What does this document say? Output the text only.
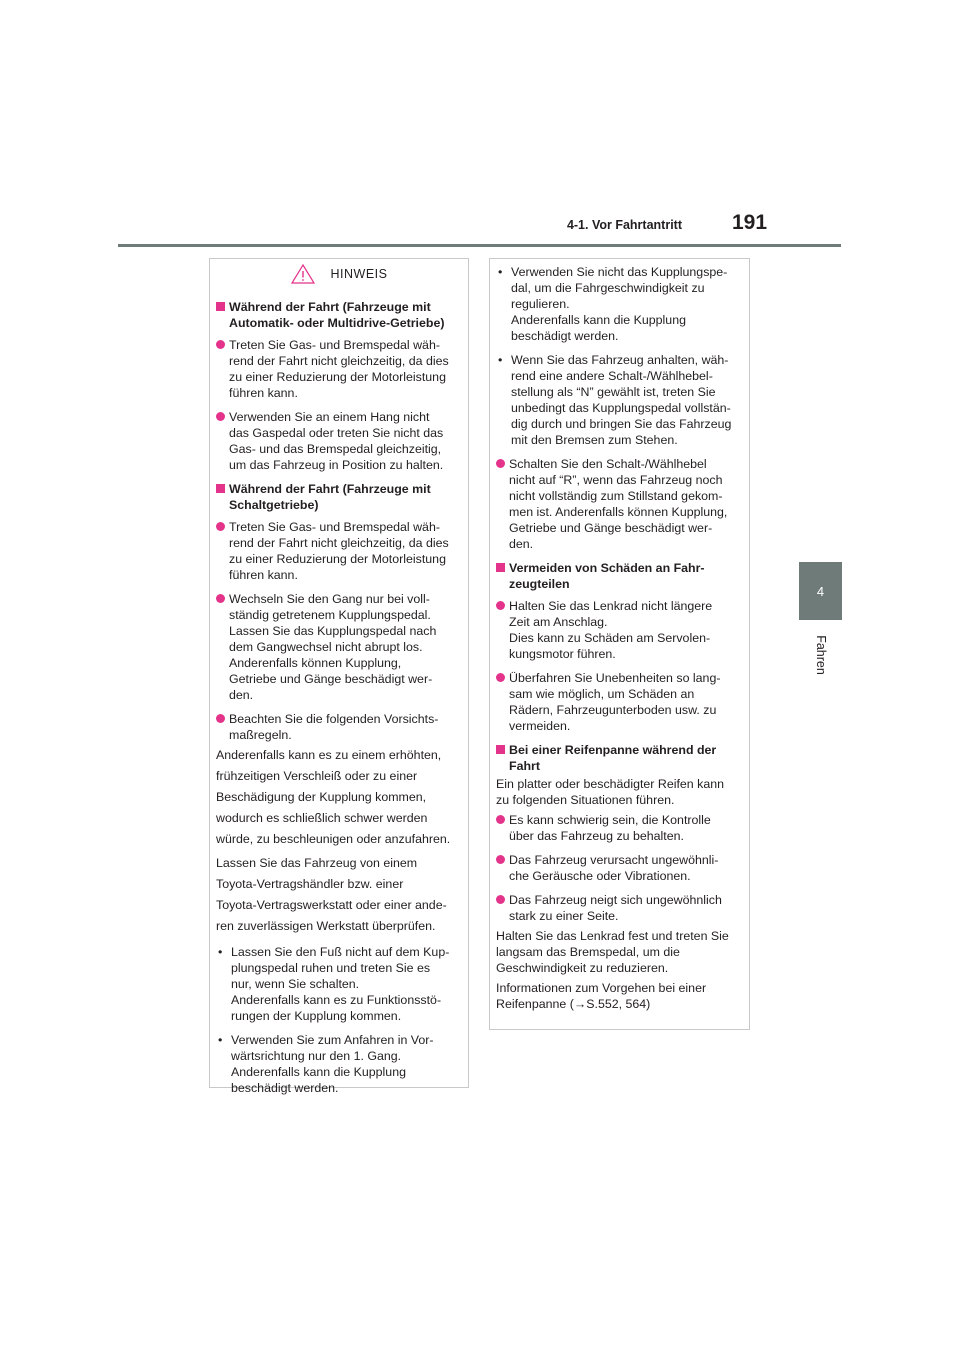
4-1. Vor Fahrtantritt 191
4
Fahren
HINWEIS
Während der Fahrt (Fahrzeuge mit
Automatik- oder Multidrive-Getriebe)
Treten Sie Gas- und Bremspedal wäh-
rend der Fahrt nicht gleichzeitig, da dies
zu einer Reduzierung der Motorleistung
führen kann.
Verwenden Sie an einem Hang nicht
das Gaspedal oder treten Sie nicht das
Gas- und das Bremspedal gleichzeitig,
um das Fahrzeug in Position zu halten.
Während der Fahrt (Fahrzeuge mit
Schaltgetriebe)
Treten Sie Gas- und Bremspedal wäh-
rend der Fahrt nicht gleichzeitig, da dies
zu einer Reduzierung der Motorleistung
führen kann.
Wechseln Sie den Gang nur bei voll-
ständig getretenem Kupplungspedal.
Lassen Sie das Kupplungspedal nach
dem Gangwechsel nicht abrupt los.
Anderenfalls können Kupplung,
Getriebe und Gänge beschädigt wer-
den.
Beachten Sie die folgenden Vorsichts-
maßregeln.
Anderenfalls kann es zu einem erhöhten,
frühzeitigen Verschleiß oder zu einer
Beschädigung der Kupplung kommen,
wodurch es schließlich schwer werden
würde, zu beschleunigen oder anzufahren.
Lassen Sie das Fahrzeug von einem
Toyota-Vertragshändler bzw. einer
Toyota-Vertragswerkstatt oder einer ande-
ren zuverlässigen Werkstatt überprüfen.
• Lassen Sie den Fuß nicht auf dem Kup-
plungspedal ruhen und treten Sie es
nur, wenn Sie schalten.
Anderenfalls kann es zu Funktionsstö-
rungen der Kupplung kommen.
• Verwenden Sie zum Anfahren in Vor-
wärtsrichtung nur den 1. Gang.
Anderenfalls kann die Kupplung
beschädigt werden.
• Verwenden Sie nicht das Kupplungspe-
dal, um die Fahrgeschwindigkeit zu
regulieren.
Anderenfalls kann die Kupplung
beschädigt werden.
• Wenn Sie das Fahrzeug anhalten, wäh-
rend eine andere Schalt-/Wählhebel-
stellung als “N” gewählt ist, treten Sie
unbedingt das Kupplungspedal vollstän-
dig durch und bringen Sie das Fahrzeug
mit den Bremsen zum Stehen.
Schalten Sie den Schalt-/Wählhebel
nicht auf “R”, wenn das Fahrzeug noch
nicht vollständig zum Stillstand gekom-
men ist. Anderenfalls können Kupplung,
Getriebe und Gänge beschädigt wer-
den.
Vermeiden von Schäden an Fahr-
zeugteilen
Halten Sie das Lenkrad nicht längere
Zeit am Anschlag.
Dies kann zu Schäden am Servolen-
kungsmotor führen.
Überfahren Sie Unebenheiten so lang-
sam wie möglich, um Schäden an
Rädern, Fahrzeugunterboden usw. zu
vermeiden.
Bei einer Reifenpanne während der
Fahrt
Ein platter oder beschädigter Reifen kann
zu folgenden Situationen führen.
Es kann schwierig sein, die Kontrolle
über das Fahrzeug zu behalten.
Das Fahrzeug verursacht ungewöhnli-
che Geräusche oder Vibrationen.
Das Fahrzeug neigt sich ungewöhnlich
stark zu einer Seite.
Halten Sie das Lenkrad fest und treten Sie
langsam das Bremspedal, um die
Geschwindigkeit zu reduzieren.
Informationen zum Vorgehen bei einer
Reifenpanne (→S.552, 564)
